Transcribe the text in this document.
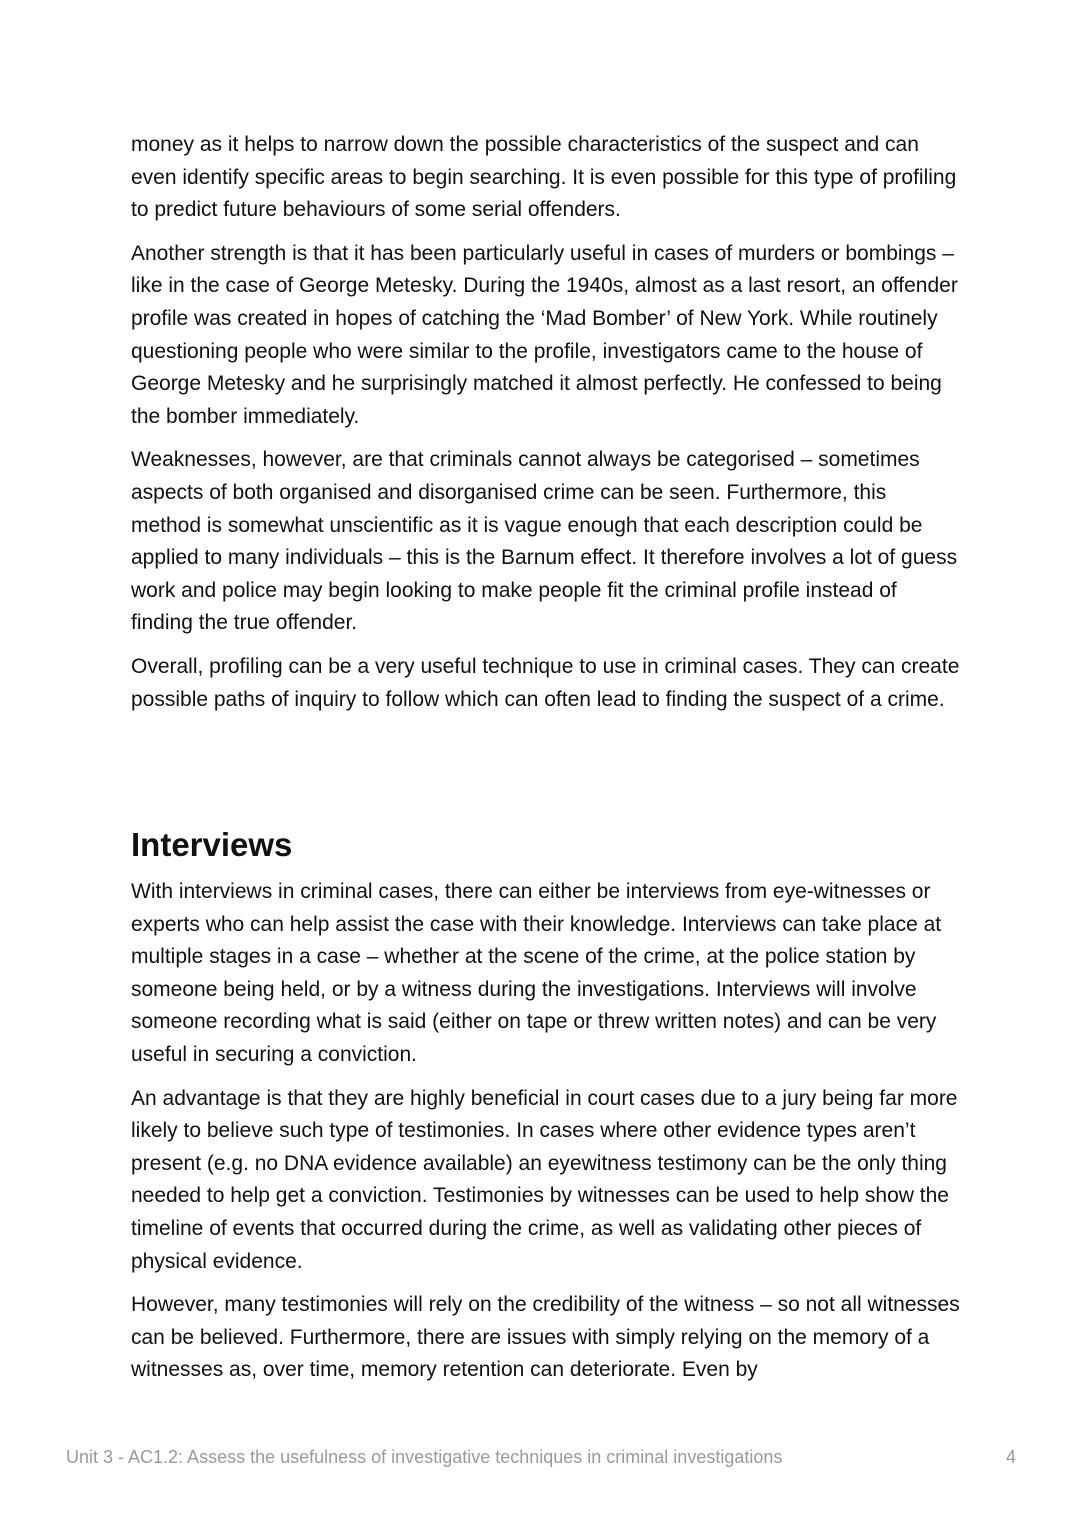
money as it helps to narrow down the possible characteristics of the suspect and can even identify specific areas to begin searching. It is even possible for this type of profiling to predict future behaviours of some serial offenders.

Another strength is that it has been particularly useful in cases of murders or bombings – like in the case of George Metesky. During the 1940s, almost as a last resort, an offender profile was created in hopes of catching the ‘Mad Bomber’ of New York. While routinely questioning people who were similar to the profile, investigators came to the house of George Metesky and he surprisingly matched it almost perfectly. He confessed to being the bomber immediately.

Weaknesses, however, are that criminals cannot always be categorised – sometimes aspects of both organised and disorganised crime can be seen. Furthermore, this method is somewhat unscientific as it is vague enough that each description could be applied to many individuals – this is the Barnum effect. It therefore involves a lot of guess work and police may begin looking to make people fit the criminal profile instead of finding the true offender.

Overall, profiling can be a very useful technique to use in criminal cases. They can create possible paths of inquiry to follow which can often lead to finding the suspect of a crime.

Interviews

With interviews in criminal cases, there can either be interviews from eye-witnesses or experts who can help assist the case with their knowledge. Interviews can take place at multiple stages in a case – whether at the scene of the crime, at the police station by someone being held, or by a witness during the investigations. Interviews will involve someone recording what is said (either on tape or threw written notes) and can be very useful in securing a conviction.

An advantage is that they are highly beneficial in court cases due to a jury being far more likely to believe such type of testimonies. In cases where other evidence types aren’t present (e.g. no DNA evidence available) an eyewitness testimony can be the only thing needed to help get a conviction. Testimonies by witnesses can be used to help show the timeline of events that occurred during the crime, as well as validating other pieces of physical evidence.

However, many testimonies will rely on the credibility of the witness – so not all witnesses can be believed. Furthermore, there are issues with simply relying on the memory of a witnesses as, over time, memory retention can deteriorate. Even by

Unit 3 - AC1.2: Assess the usefulness of investigative techniques in criminal investigations	4
